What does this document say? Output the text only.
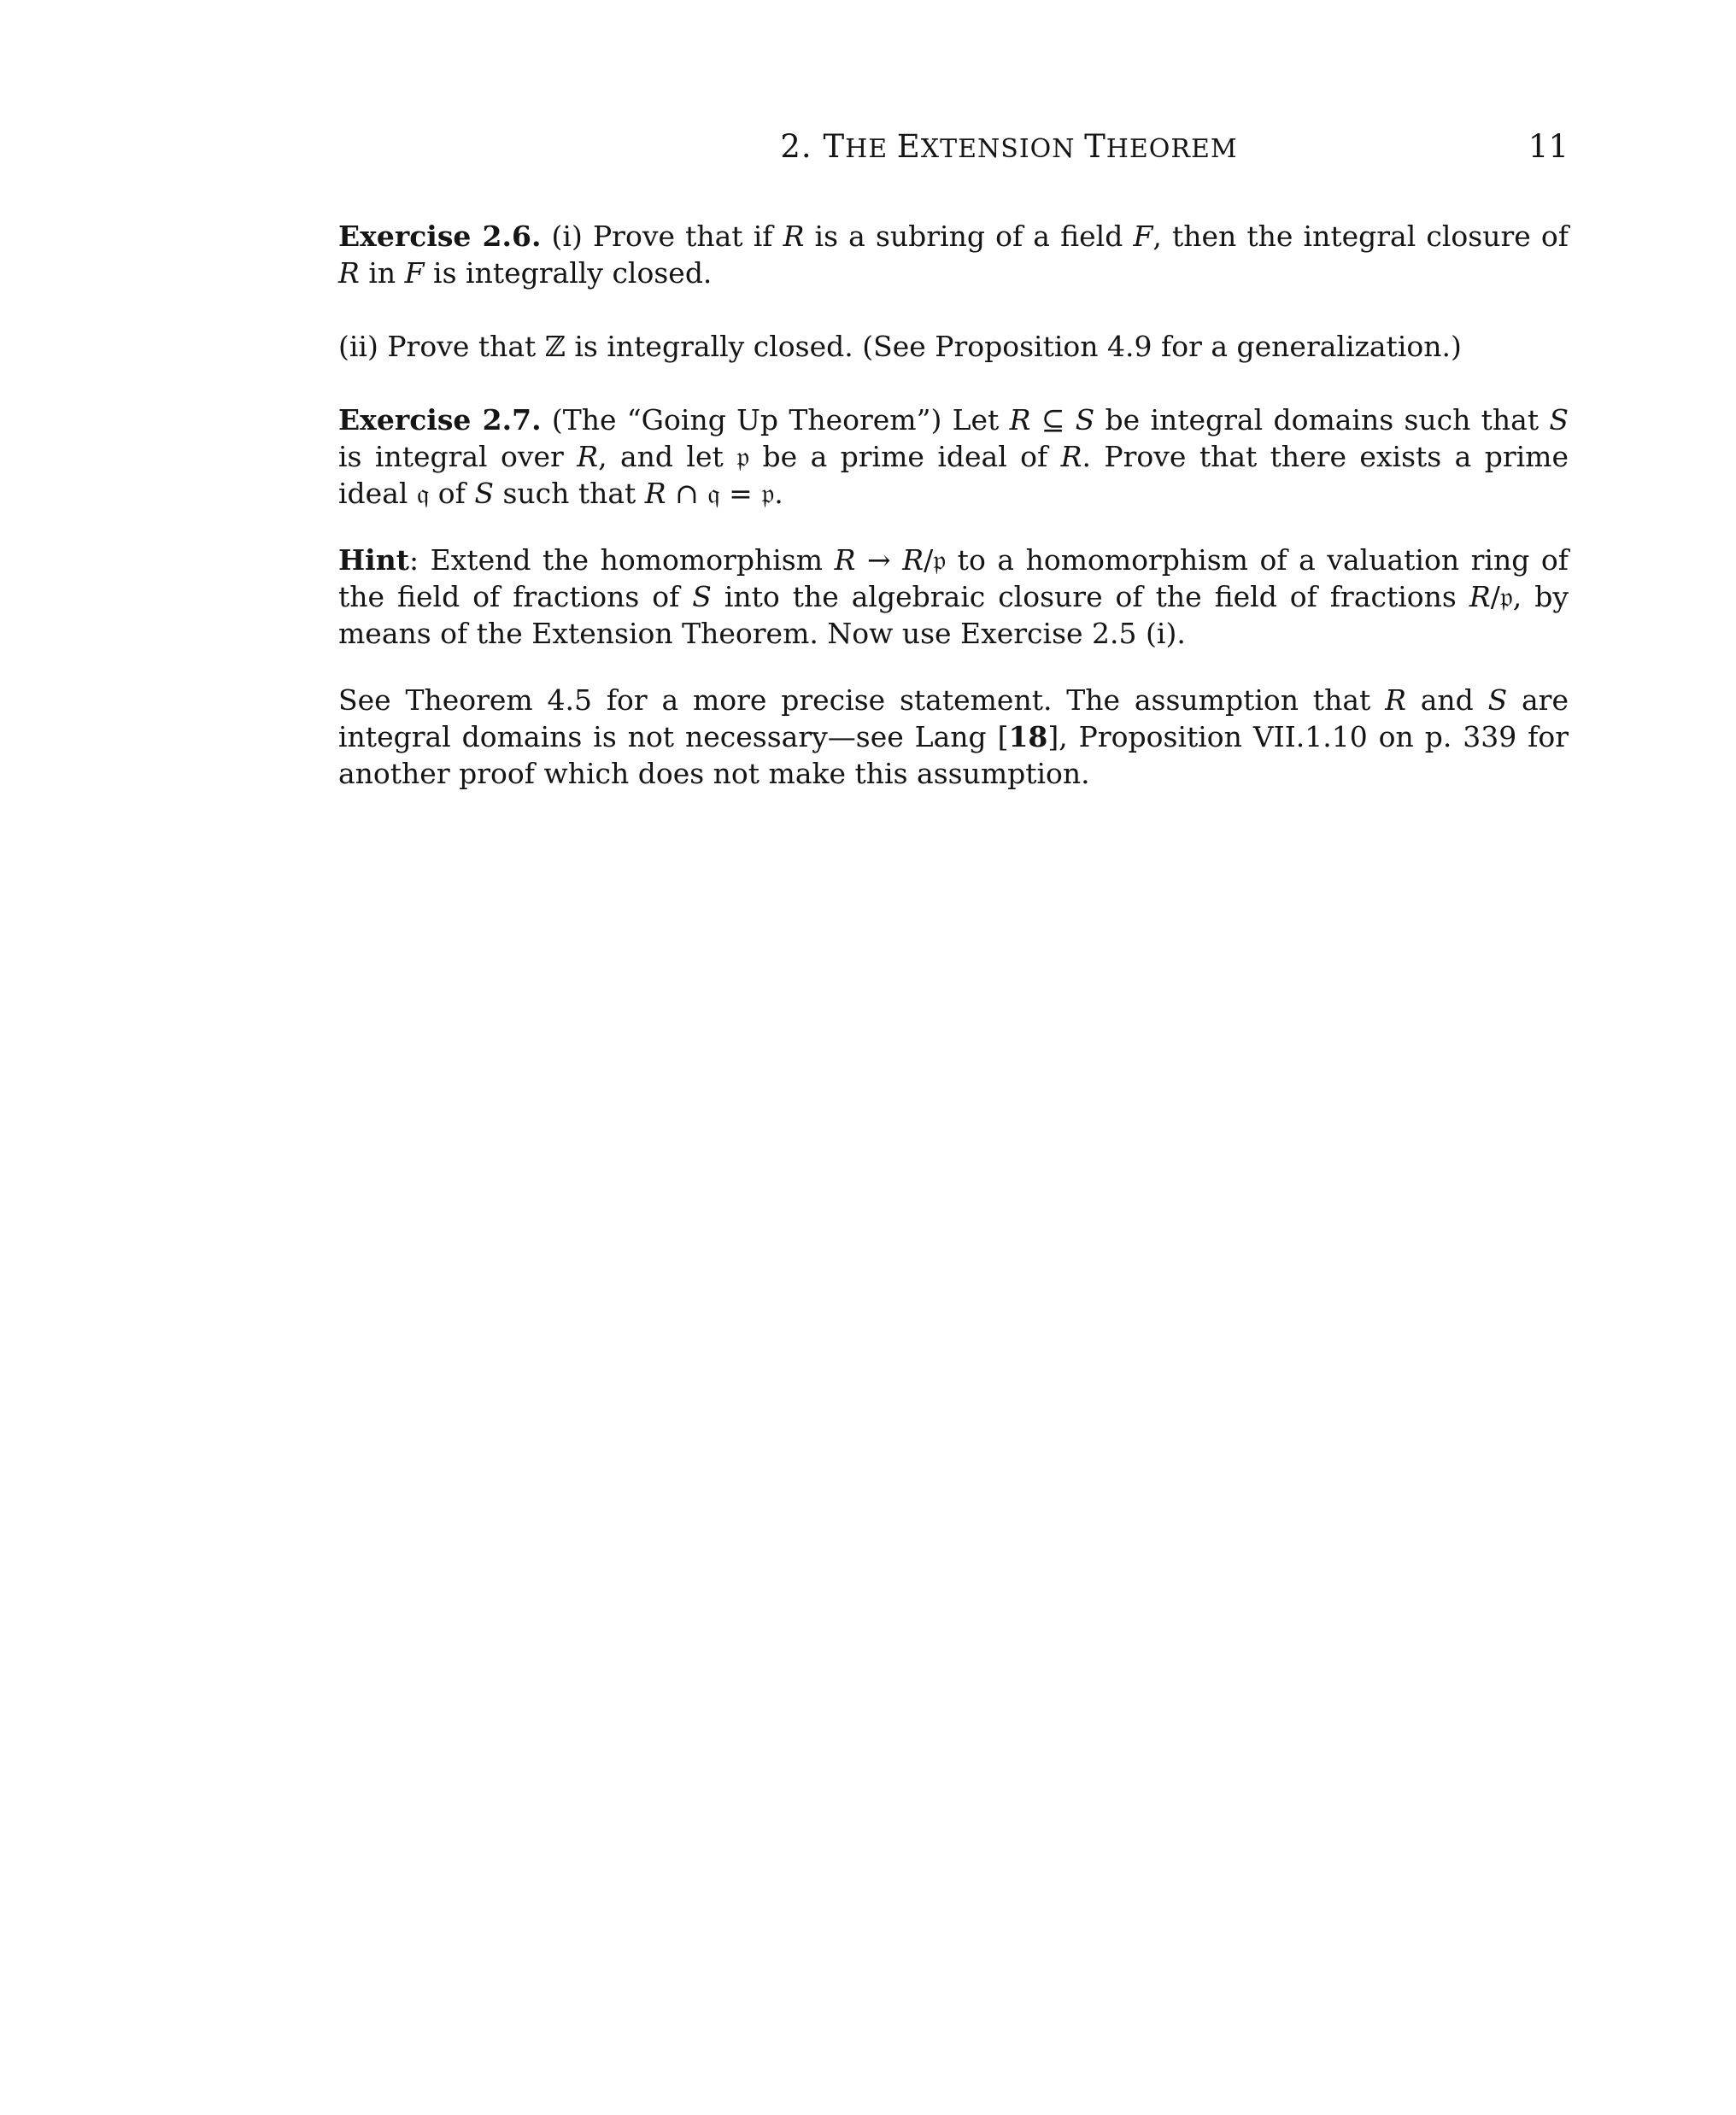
2. THE EXTENSION THEOREM	11

Exercise 2.6. (i) Prove that if R is a subring of a field F, then the integral closure of R in F is integrally closed.

(ii) Prove that ℤ is integrally closed. (See Proposition 4.9 for a generalization.)

Exercise 2.7. (The “Going Up Theorem”) Let R ⊆ S be integral domains such that S is integral over R, and let 𝔭 be a prime ideal of R. Prove that there exists a prime ideal 𝔮 of S such that R ∩ 𝔮 = 𝔭.

Hint: Extend the homomorphism R → R/𝔭 to a homomorphism of a valuation ring of the field of fractions of S into the algebraic closure of the field of fractions R/𝔭, by means of the Extension Theorem. Now use Exercise 2.5 (i).

See Theorem 4.5 for a more precise statement. The assumption that R and S are integral domains is not necessary—see Lang [18], Proposition VII.1.10 on p. 339 for another proof which does not make this assumption.
